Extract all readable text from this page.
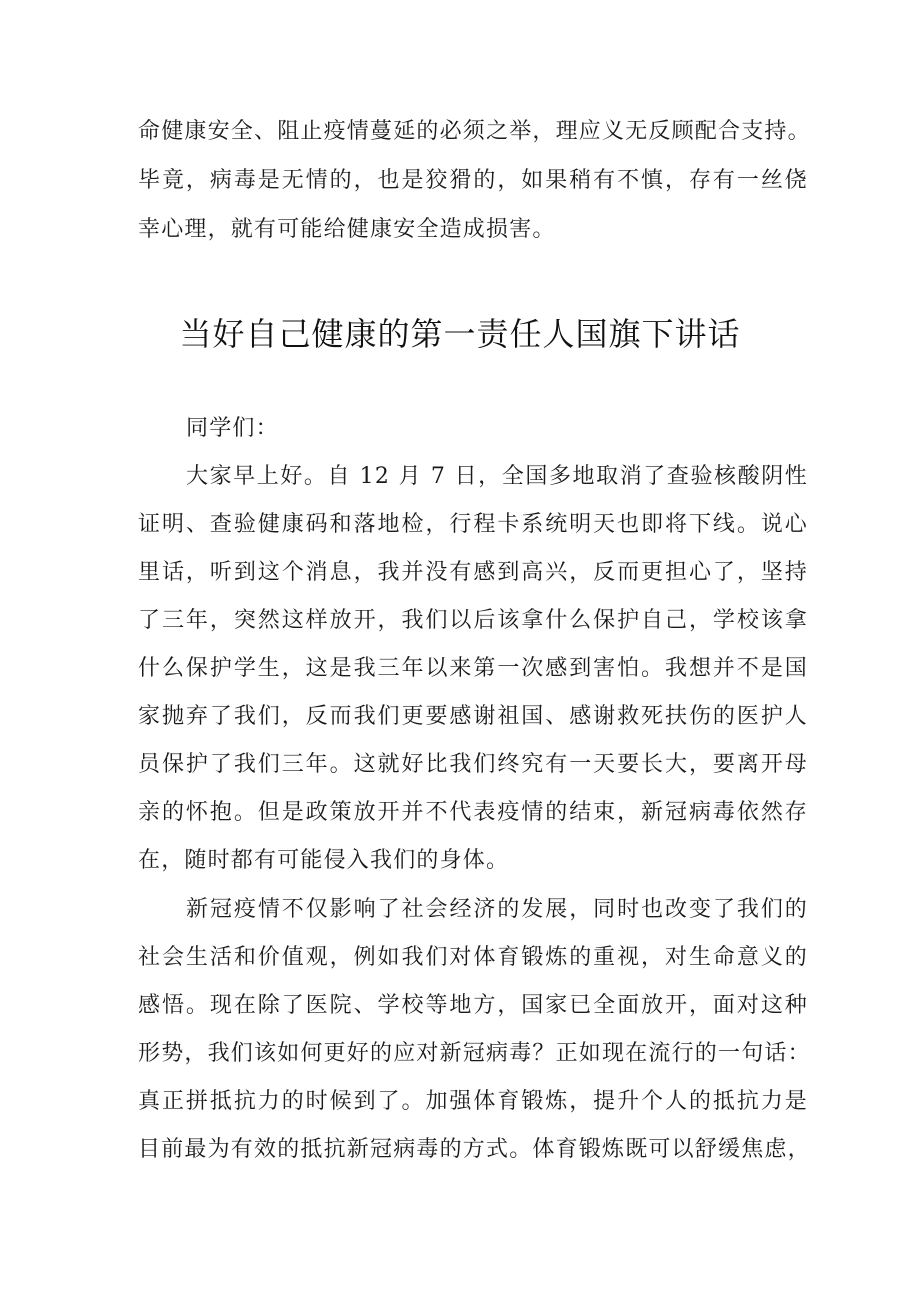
命健康安全、阻止疫情蔓延的必须之举，理应义无反顾配合支持。
毕竟，病毒是无情的，也是狡猾的，如果稍有不慎，存有一丝侥
幸心理，就有可能给健康安全造成损害。
当好自己健康的第一责任人国旗下讲话
同学们：
大家早上好。自 12 月 7 日，全国多地取消了查验核酸阴性
证明、查验健康码和落地检，行程卡系统明天也即将下线。说心
里话，听到这个消息，我并没有感到高兴，反而更担心了，坚持
了三年，突然这样放开，我们以后该拿什么保护自己，学校该拿
什么保护学生，这是我三年以来第一次感到害怕。我想并不是国
家抛弃了我们，反而我们更要感谢祖国、感谢救死扶伤的医护人
员保护了我们三年。这就好比我们终究有一天要长大，要离开母
亲的怀抱。但是政策放开并不代表疫情的结束，新冠病毒依然存
在，随时都有可能侵入我们的身体。
新冠疫情不仅影响了社会经济的发展，同时也改变了我们的
社会生活和价值观，例如我们对体育锻炼的重视，对生命意义的
感悟。现在除了医院、学校等地方，国家已全面放开，面对这种
形势，我们该如何更好的应对新冠病毒？正如现在流行的一句话：
真正拼抵抗力的时候到了。加强体育锻炼，提升个人的抵抗力是
目前最为有效的抵抗新冠病毒的方式。体育锻炼既可以舒缓焦虑，
